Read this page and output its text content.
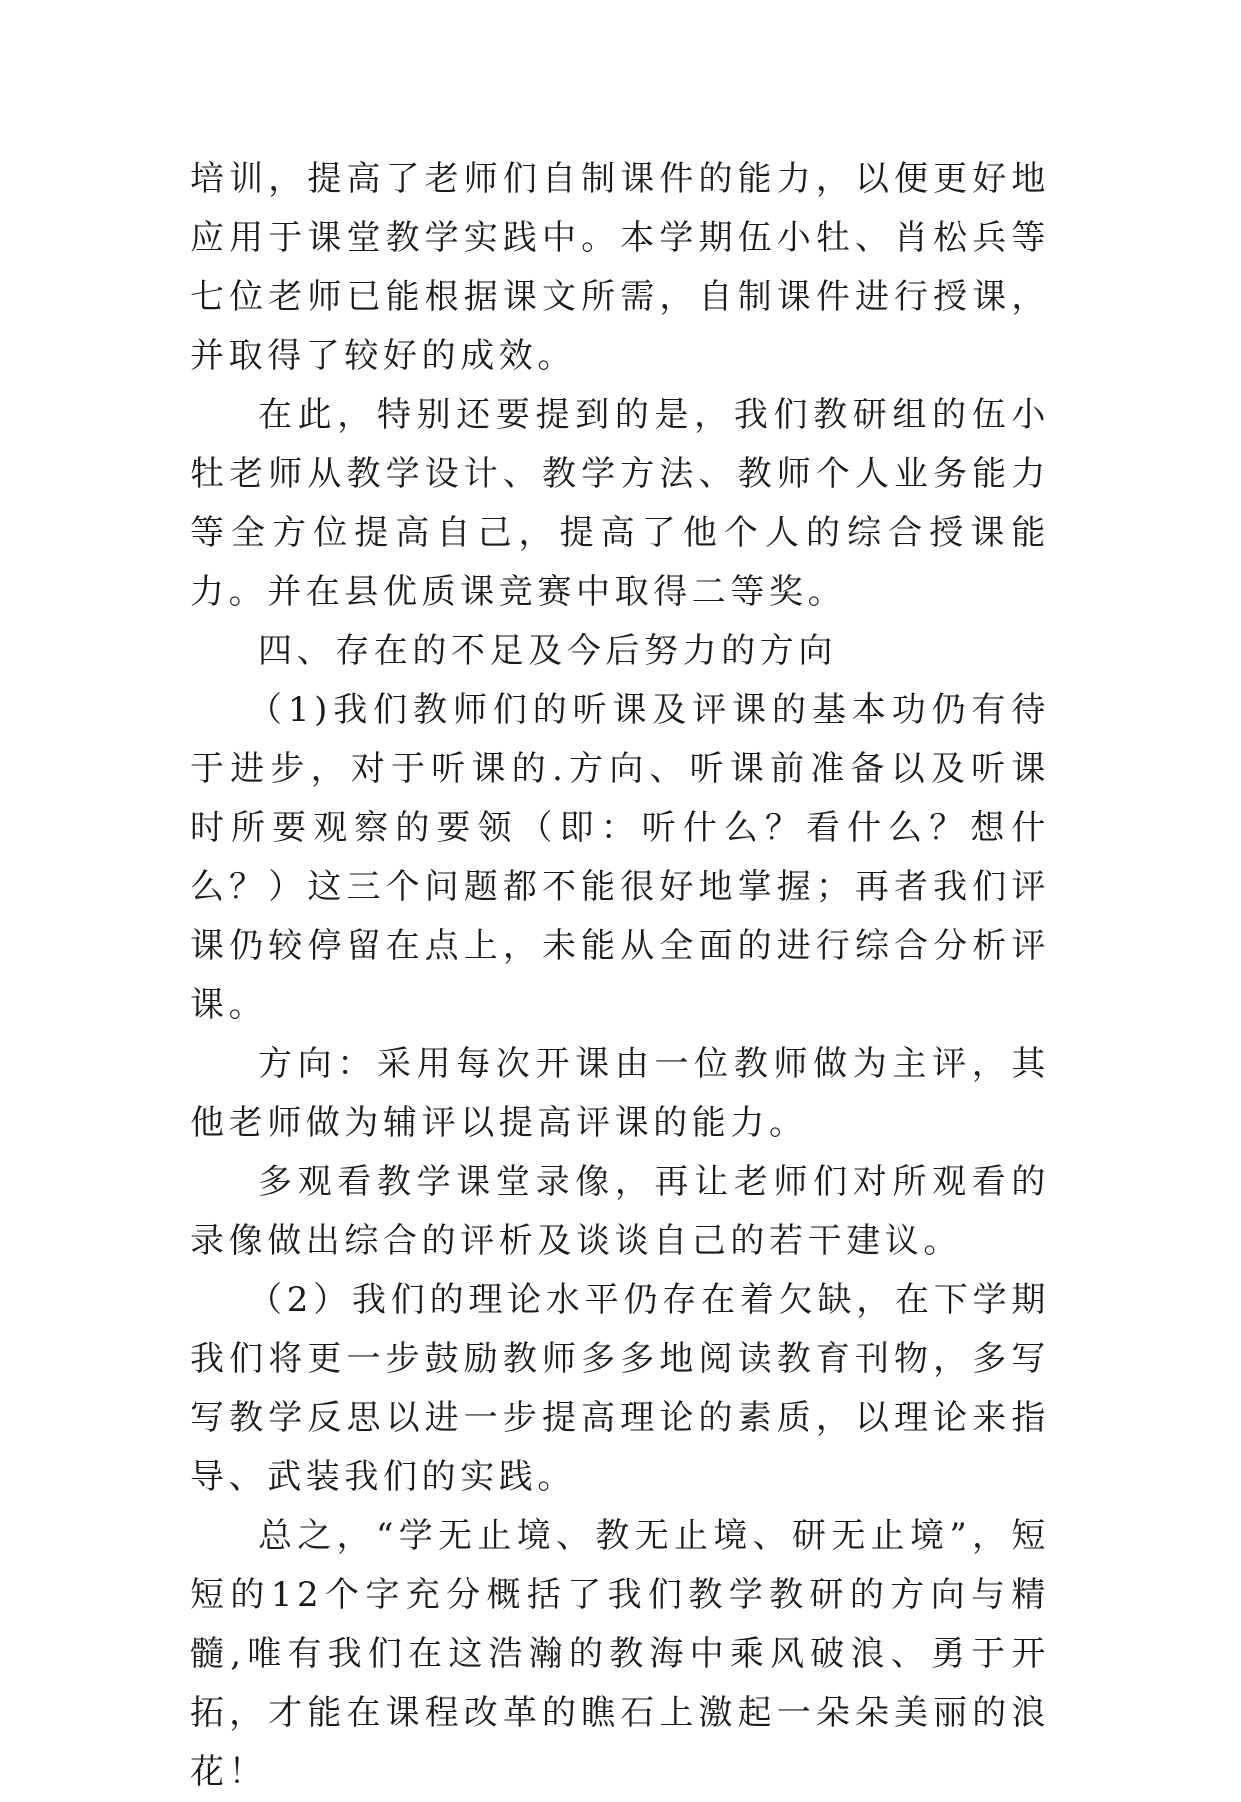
培训，提高了老师们自制课件的能力，以便更好地应用于课堂教学实践中。本学期伍小牡、肖松兵等七位老师已能根据课文所需，自制课件进行授课，并取得了较好的成效。

在此，特别还要提到的是，我们教研组的伍小牡老师从教学设计、教学方法、教师个人业务能力等全方位提高自己，提高了他个人的综合授课能力。并在县优质课竞赛中取得二等奖。

四、存在的不足及今后努力的方向

（1)我们教师们的听课及评课的基本功仍有待于进步，对于听课的.方向、听课前准备以及听课时所要观察的要领（即：听什么？看什么？想什么？）这三个问题都不能很好地掌握；再者我们评课仍较停留在点上，未能从全面的进行综合分析评课。

方向：采用每次开课由一位教师做为主评，其他老师做为辅评以提高评课的能力。

多观看教学课堂录像，再让老师们对所观看的录像做出综合的评析及谈谈自己的若干建议。

（2）我们的理论水平仍存在着欠缺，在下学期我们将更一步鼓励教师多多地阅读教育刊物，多写写教学反思以进一步提高理论的素质，以理论来指导、武装我们的实践。

总之，“学无止境、教无止境、研无止境”，短短的12个字充分概括了我们教学教研的方向与精髓,唯有我们在这浩瀚的教海中乘风破浪、勇于开拓，才能在课程改革的瞧石上激起一朵朵美丽的浪花！
